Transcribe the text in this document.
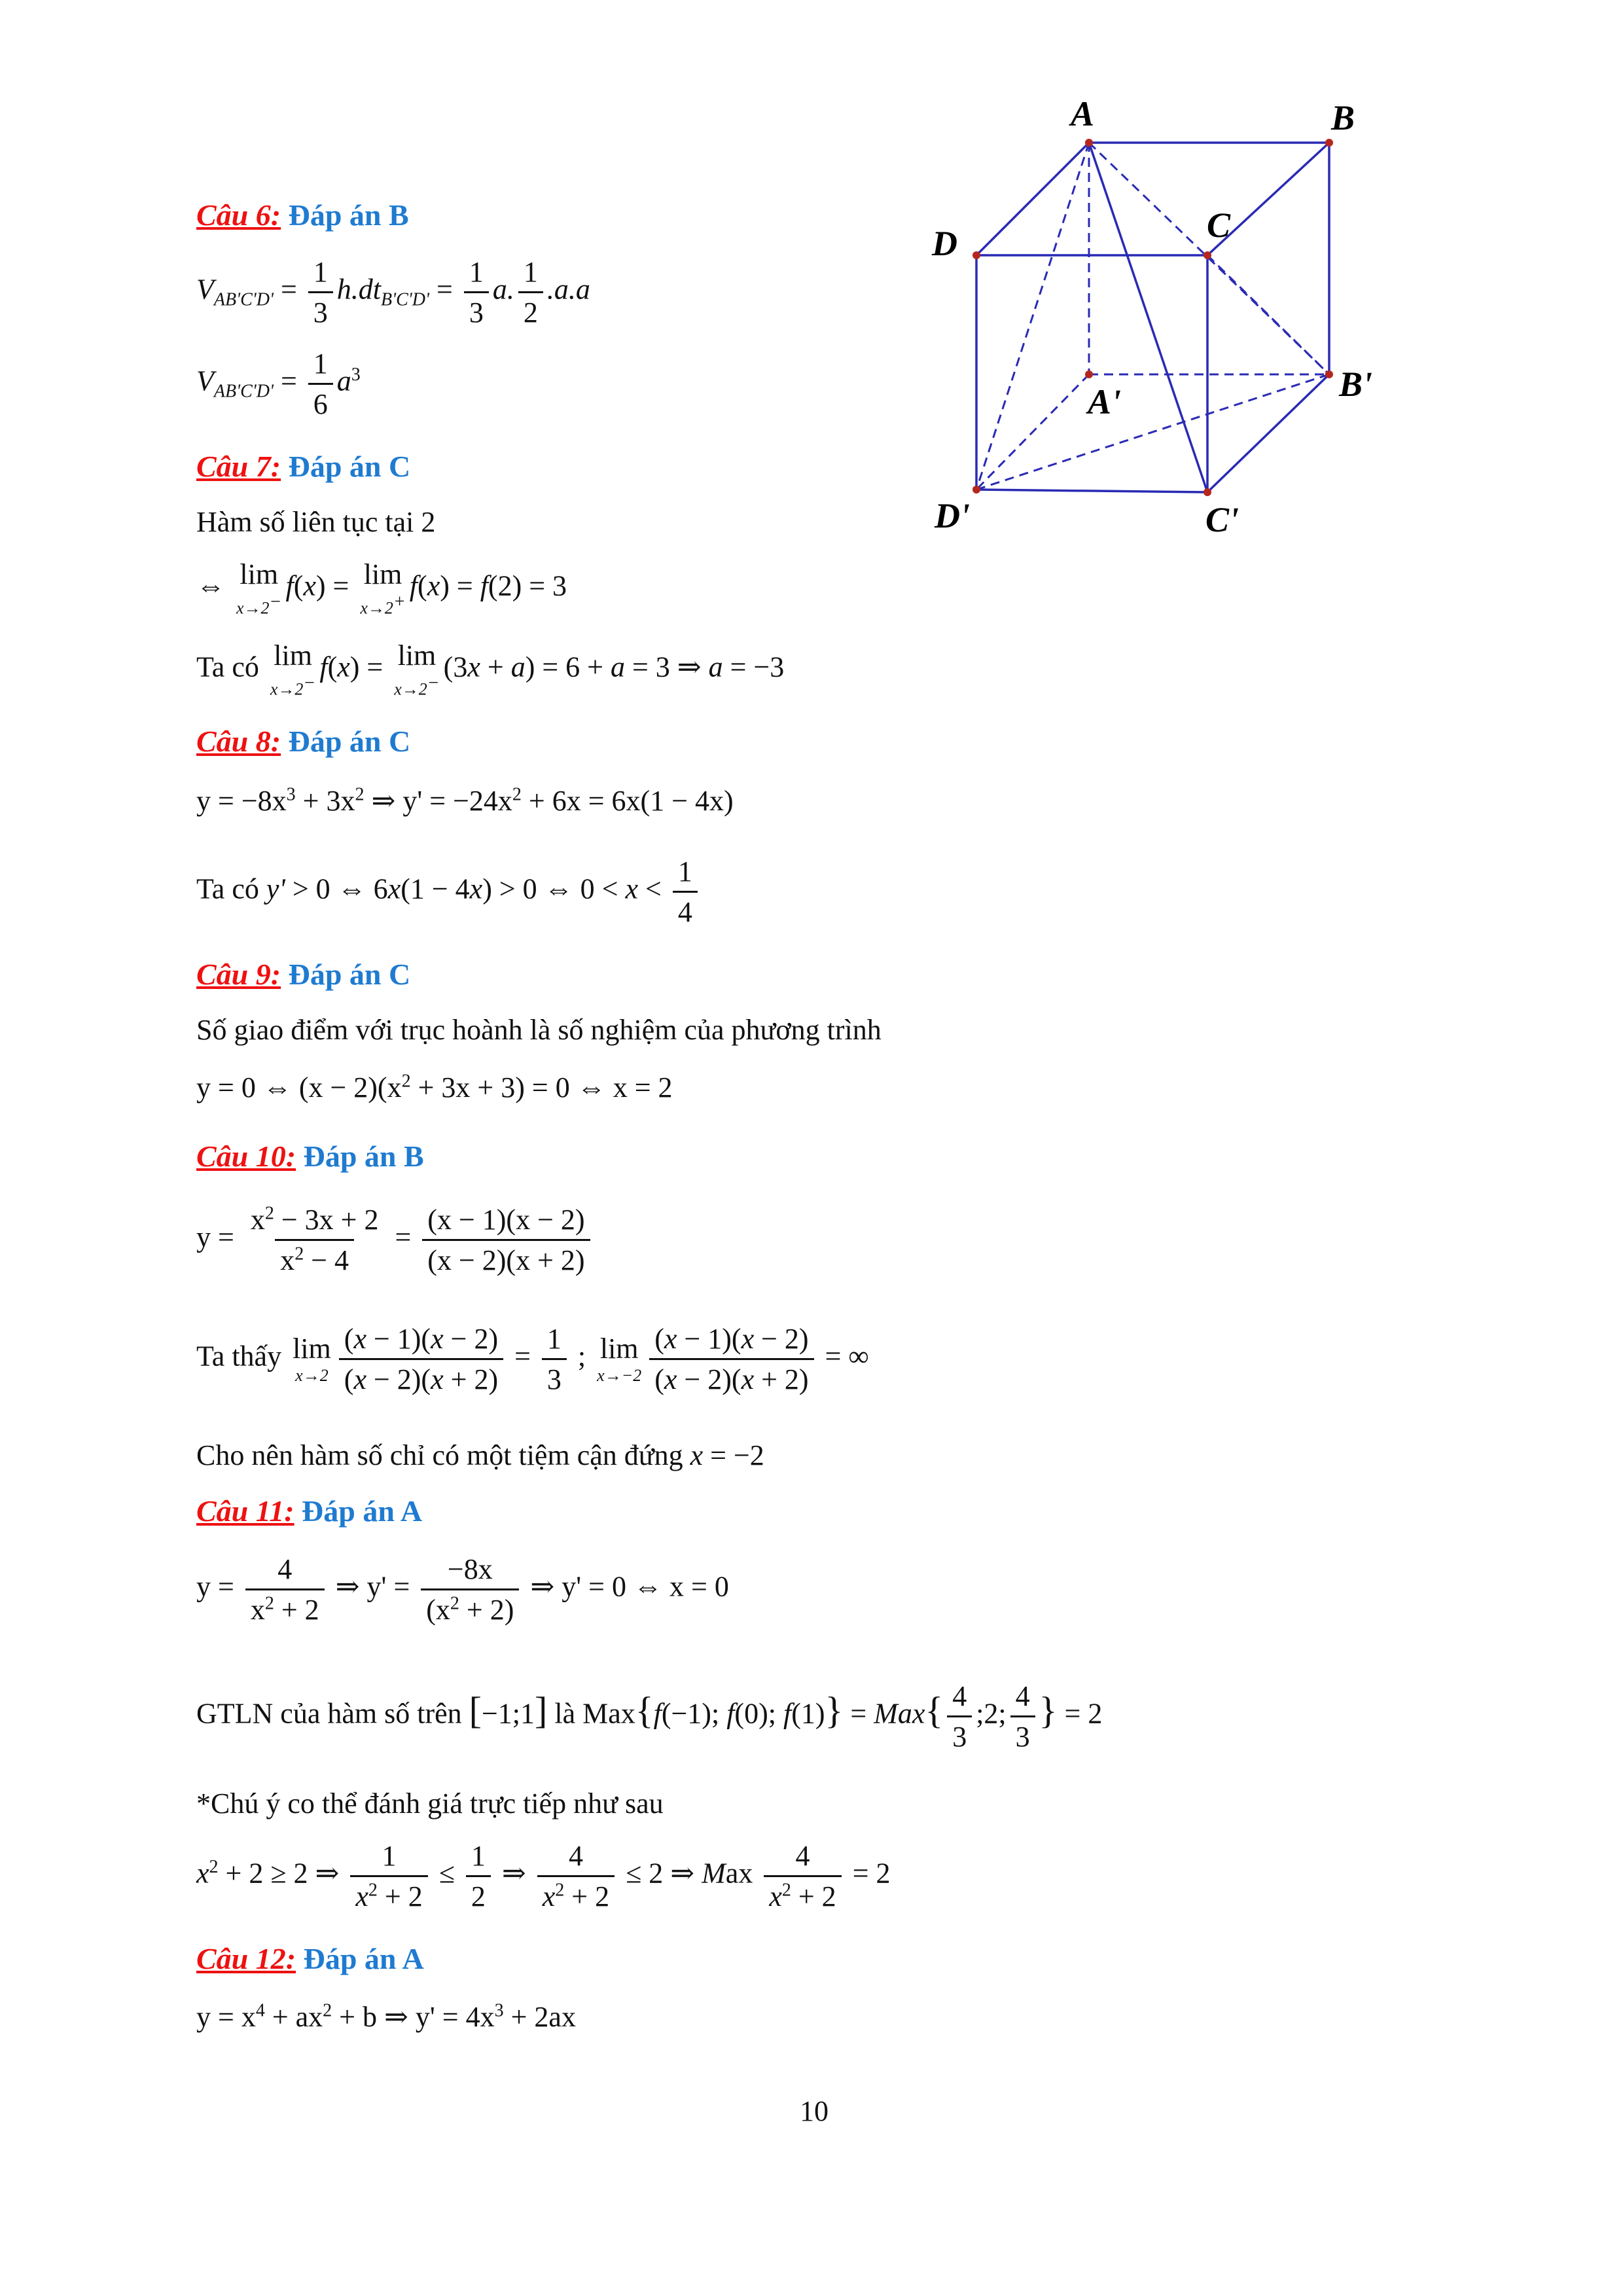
A	B
C
D
A'	B'
C'
D'
Câu 6: Đáp án B
$V_{AB'C'D'} = \frac{1}{3} h.dt_{B'C'D'} = \frac{1}{3} a$. $\frac{1}{2} .a.a$
$V_{AB'C'D'} = \frac{1}{6} a^3$
Câu 7: Đáp án C
Hàm số liên tục tại 2
⇔ lim
x→2−
f(x) = lim
x→2+
f(x) = f(2) = 3
Ta có lim
x→2−
f(x) = lim
x→2−
(3x + a) = 6 + a = 3 ⇒ a = −3
Câu 8: Đáp án C
$y = -8x^3 + 3x^2$ ⇒ $y' = -24x^2 + 6x = 6x(1 - 4x)$
Ta có y' > 0 ⇔ 6x(1 − 4x) > 0 ⇔ $0 < x < \frac{1}{4}$
Câu 9: Đáp án C
Số giao điểm với trục hoành là số nghiệm của phương trình
y = 0 ⇔ $(x - 2)(x^2 + 3x + 3) = 0$ ⇔ x = 2
Câu 10: Đáp án B
$y = \frac{x^2 - 3x + 2}{x^2 - 4} = \frac{(x - 1)(x - 2)}{(x - 2)(x + 2)}$
Ta thấy lim
$x\to 2 \frac{(x - 1)(x - 2)}{(x - 2)(x + 2)} = \frac{1}{3}$ ; lim
$x\to-2 \frac{(x - 1)(x - 2)}{(x - 2)(x + 2)}$ = ∞
Cho nên hàm số chỉ có một tiệm cận đứng x = −2
Câu 11: Đáp án A
$y = \frac{4}{x^2 + 2}$ ⇒ $y' = \frac{-8x}{(x^2 + 2)}$ ⇒ y' = 0 ⇔ x = 0
GTLN của hàm số trên [−1;1] là Max{f(−1); f(0); $f(1)\} = Max\{ \frac{4}{3}$ ;2; $\frac{4}{3}$ } = 2
*Chú ý co thể đánh giá trực tiếp như sau
$x^2 + 2 \ge 2$ ⇒ $\frac{1}{x^2 + 2} \le \frac{1}{2}$ ⇒ $\frac{4}{x^2 + 2} \le 2$ ⇒ Max $\frac{4}{x^2 + 2} = 2$
Câu 12: Đáp án A
$y = x^4 + ax^2 + b$ ⇒ $y' = 4x^3 + 2ax$
10
